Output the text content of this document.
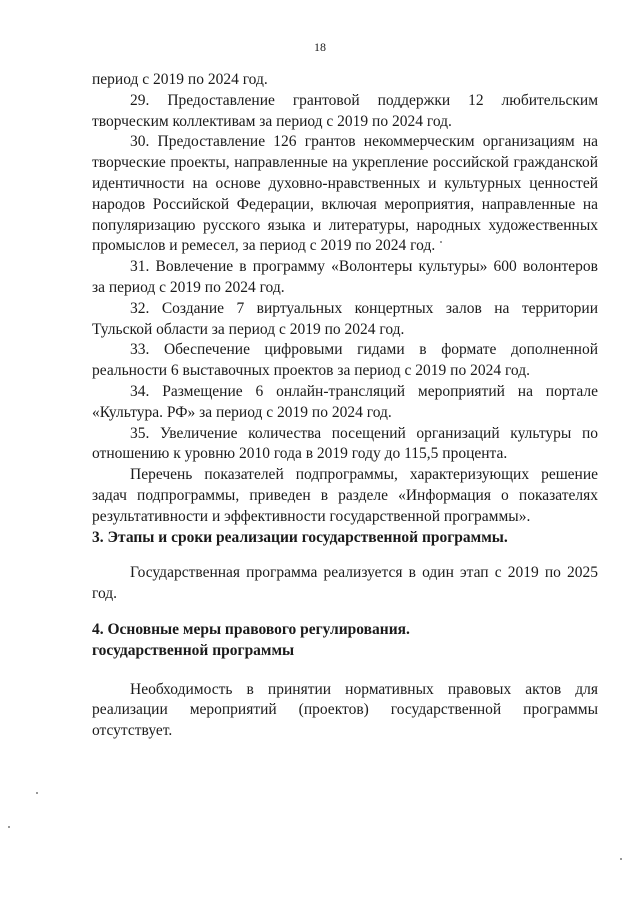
18

период с 2019 по 2024 год.

29. Предоставление грантовой поддержки 12 любительским творческим коллективам за период с 2019 по 2024 год.

30. Предоставление 126 грантов некоммерческим организациям на творческие проекты, направленные на укрепление российской гражданской идентичности на основе духовно-нравственных и культурных ценностей народов Российской Федерации, включая мероприятия, направленные на популяризацию русского языка и литературы, народных художественных промыслов и ремесел, за период с 2019 по 2024 год.

31. Вовлечение в программу «Волонтеры культуры» 600 волонтеров за период с 2019 по 2024 год.

32. Создание 7 виртуальных концертных залов на территории Тульской области за период с 2019 по 2024 год.

33. Обеспечение цифровыми гидами в формате дополненной реальности 6 выставочных проектов за период с 2019 по 2024 год.

34. Размещение 6 онлайн-трансляций мероприятий на портале «Культура. РФ» за период с 2019 по 2024 год.

35. Увеличение количества посещений организаций культуры по отношению к уровню 2010 года в 2019 году до 115,5 процента.

Перечень показателей подпрограммы, характеризующих решение задач подпрограммы, приведен в разделе «Информация о показателях результативности и эффективности государственной программы».

3. Этапы и сроки реализации государственной программы.

Государственная программа реализуется в один этап с 2019 по 2025 год.

4. Основные меры правового регулирования.

государственной программы

Необходимость в принятии нормативных правовых актов для реализации мероприятий (проектов) государственной программы отсутствует.
